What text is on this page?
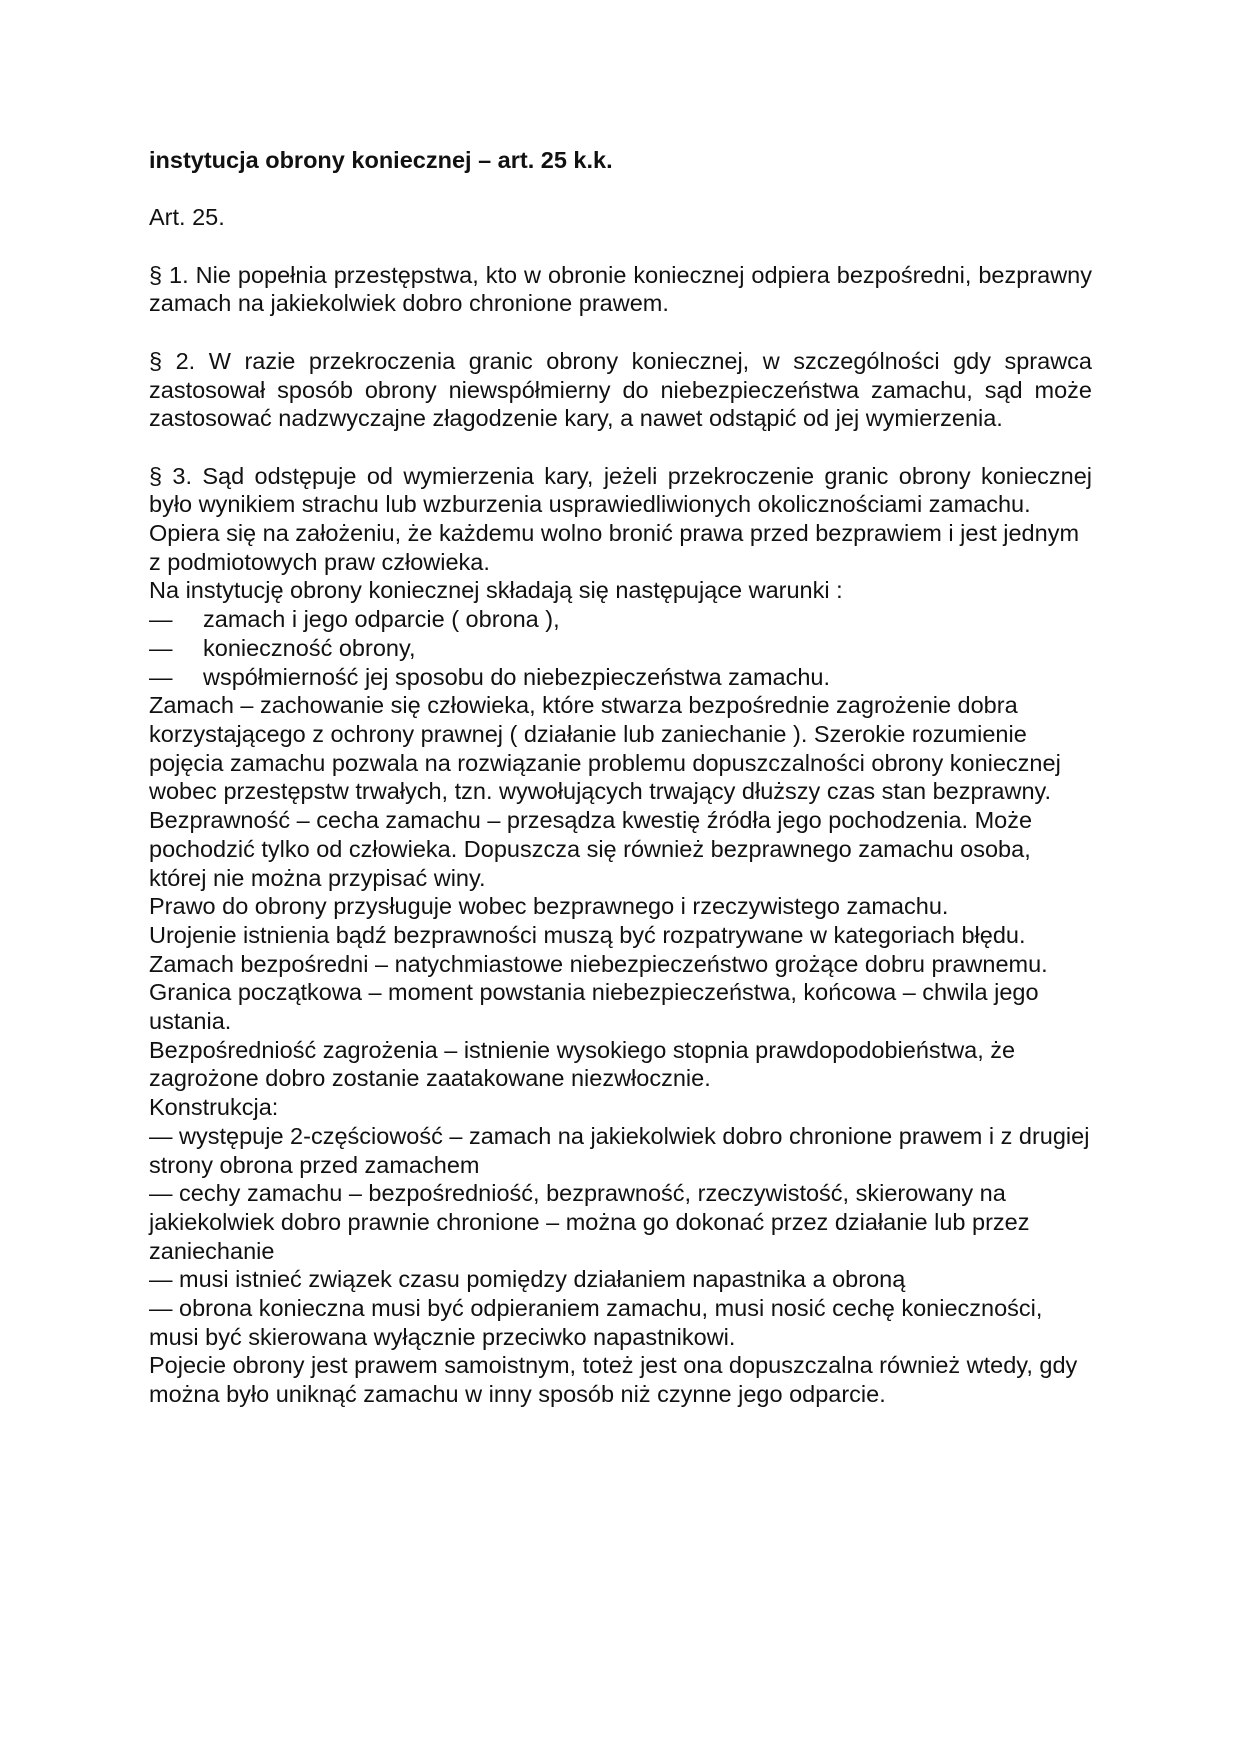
instytucja obrony koniecznej – art. 25 k.k.

Art. 25.

§ 1. Nie popełnia przestępstwa, kto w obronie koniecznej odpiera bezpośredni, bezprawny zamach na jakiekolwiek dobro chronione prawem.

§ 2. W razie przekroczenia granic obrony koniecznej, w szczególności gdy sprawca zastosował sposób obrony niewspółmierny do niebezpieczeństwa zamachu, sąd może zastosować nadzwyczajne złagodzenie kary, a nawet odstąpić od jej wymierzenia.

§ 3. Sąd odstępuje od wymierzenia kary, jeżeli przekroczenie granic obrony koniecznej było wynikiem strachu lub wzburzenia usprawiedliwionych okolicznościami zamachu.

Opiera się na założeniu, że każdemu wolno bronić prawa przed bezprawiem i jest jednym z podmiotowych praw człowieka.

Na instytucję obrony koniecznej składają się następujące warunki :

—	zamach i jego odparcie ( obrona ),
—	konieczność obrony,
—	współmierność jej sposobu do niebezpieczeństwa zamachu.

Zamach – zachowanie się człowieka, które stwarza bezpośrednie zagrożenie dobra korzystającego z ochrony prawnej ( działanie lub zaniechanie ). Szerokie rozumienie pojęcia zamachu pozwala na rozwiązanie problemu dopuszczalności obrony koniecznej wobec przestępstw trwałych, tzn. wywołujących trwający dłuższy czas stan bezprawny.

Bezprawność – cecha zamachu – przesądza kwestię źródła jego pochodzenia. Może pochodzić tylko od człowieka. Dopuszcza się również bezprawnego zamachu osoba, której nie można przypisać winy.

Prawo do obrony przysługuje wobec bezprawnego i rzeczywistego zamachu.

Urojenie istnienia bądź bezprawności muszą być rozpatrywane w kategoriach błędu.

Zamach bezpośredni – natychmiastowe niebezpieczeństwo grożące dobru prawnemu.

Granica początkowa – moment powstania niebezpieczeństwa, końcowa – chwila jego ustania.

Bezpośredniość zagrożenia – istnienie wysokiego stopnia prawdopodobieństwa, że zagrożone dobro zostanie zaatakowane niezwłocznie.

Konstrukcja:

— występuje 2-częściowość – zamach na jakiekolwiek dobro chronione prawem i z drugiej strony obrona przed zamachem

— cechy zamachu – bezpośredniość, bezprawność, rzeczywistość, skierowany na jakiekolwiek dobro prawnie chronione – można go dokonać przez działanie lub przez zaniechanie

— musi istnieć związek czasu pomiędzy działaniem napastnika a obroną

— obrona konieczna musi być odpieraniem zamachu, musi nosić cechę konieczności, musi być skierowana wyłącznie przeciwko napastnikowi.

Pojecie obrony jest prawem samoistnym, toteż jest ona dopuszczalna również wtedy, gdy można było uniknąć zamachu w inny sposób niż czynne jego odparcie.
